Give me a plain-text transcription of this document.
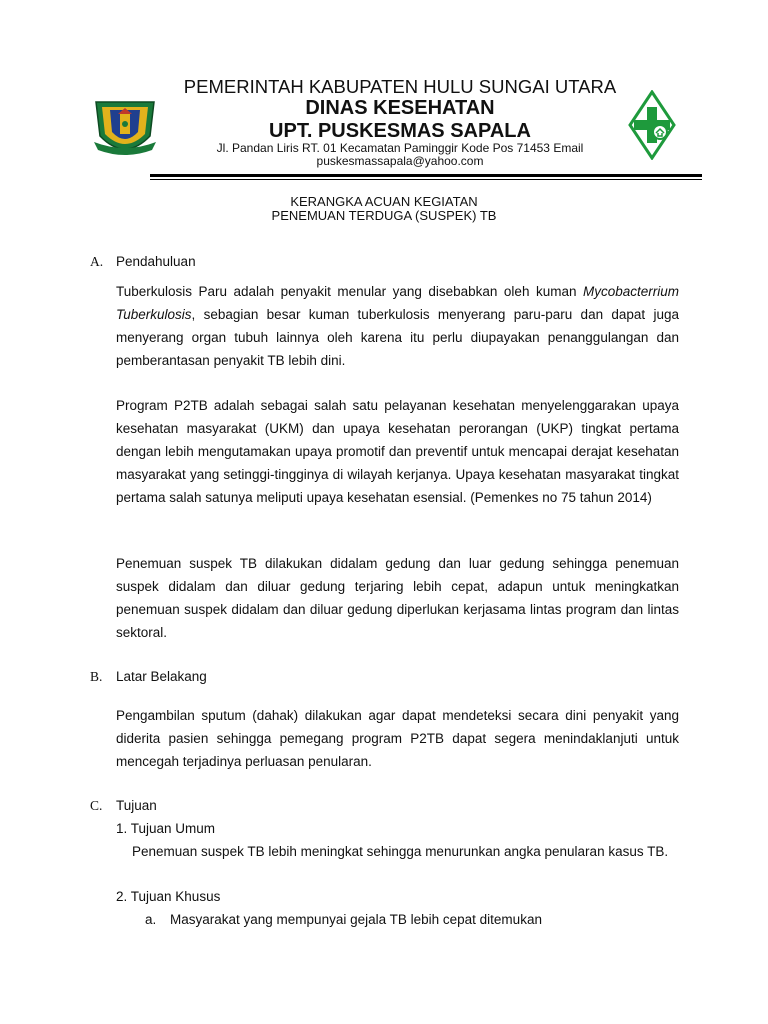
PEMERINTAH KABUPATEN HULU SUNGAI UTARA
DINAS KESEHATAN
UPT. PUSKESMAS SAPALA
Jl. Pandan Liris RT. 01 Kecamatan Paminggir Kode Pos 71453 Email
puskesmassapala@yahoo.com
KERANGKA ACUAN KEGIATAN
PENEMUAN TERDUGA (SUSPEK) TB
A. Pendahuluan

Tuberkulosis Paru adalah penyakit menular yang disebabkan oleh kuman Mycobacterrium Tuberkulosis, sebagian besar kuman tuberkulosis menyerang paru-paru dan dapat juga menyerang organ tubuh lainnya oleh karena itu perlu diupayakan penanggulangan dan pemberantasan penyakit TB lebih dini.

Program P2TB adalah sebagai salah satu pelayanan kesehatan menyelenggarakan upaya kesehatan masyarakat (UKM) dan upaya kesehatan perorangan (UKP) tingkat pertama dengan lebih mengutamakan upaya promotif dan preventif untuk mencapai derajat kesehatan masyarakat yang setinggi-tingginya di wilayah kerjanya. Upaya kesehatan masyarakat tingkat pertama salah satunya meliputi upaya kesehatan esensial. (Pemenkes no 75 tahun 2014)

Penemuan suspek TB dilakukan didalam gedung dan luar gedung sehingga penemuan suspek didalam dan diluar gedung terjaring lebih cepat, adapun untuk meningkatkan penemuan suspek didalam dan diluar gedung diperlukan kerjasama lintas program dan lintas sektoral.

B. Latar Belakang

Pengambilan sputum (dahak) dilakukan agar dapat mendeteksi secara dini penyakit yang diderita pasien sehingga pemegang program P2TB dapat segera menindaklanjuti untuk mencegah terjadinya perluasan penularan.

C. Tujuan
1. Tujuan Umum

Penemuan suspek TB lebih meningkat sehingga menurunkan angka penularan kasus TB.

2. Tujuan Khusus
a. Masyarakat yang mempunyai gejala TB lebih cepat ditemukan
